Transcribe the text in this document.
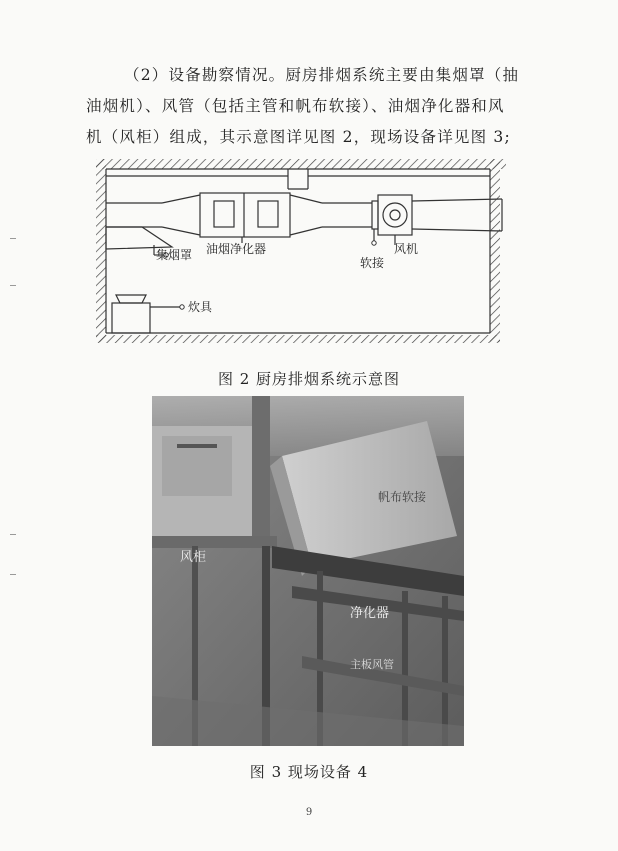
（2）设备勘察情况。厨房排烟系统主要由集烟罩（抽
油烟机）、风管（包括主管和帆布软接）、油烟净化器和风
机（风柜）组成，其示意图详见图 2，现场设备详见图 3;

集烟罩 油烟净化器
软接
风机
炊具
图 2 厨房排烟系统示意图
风柜
帆布软接
净化器
主板风管
图 3 现场设备 4
9
